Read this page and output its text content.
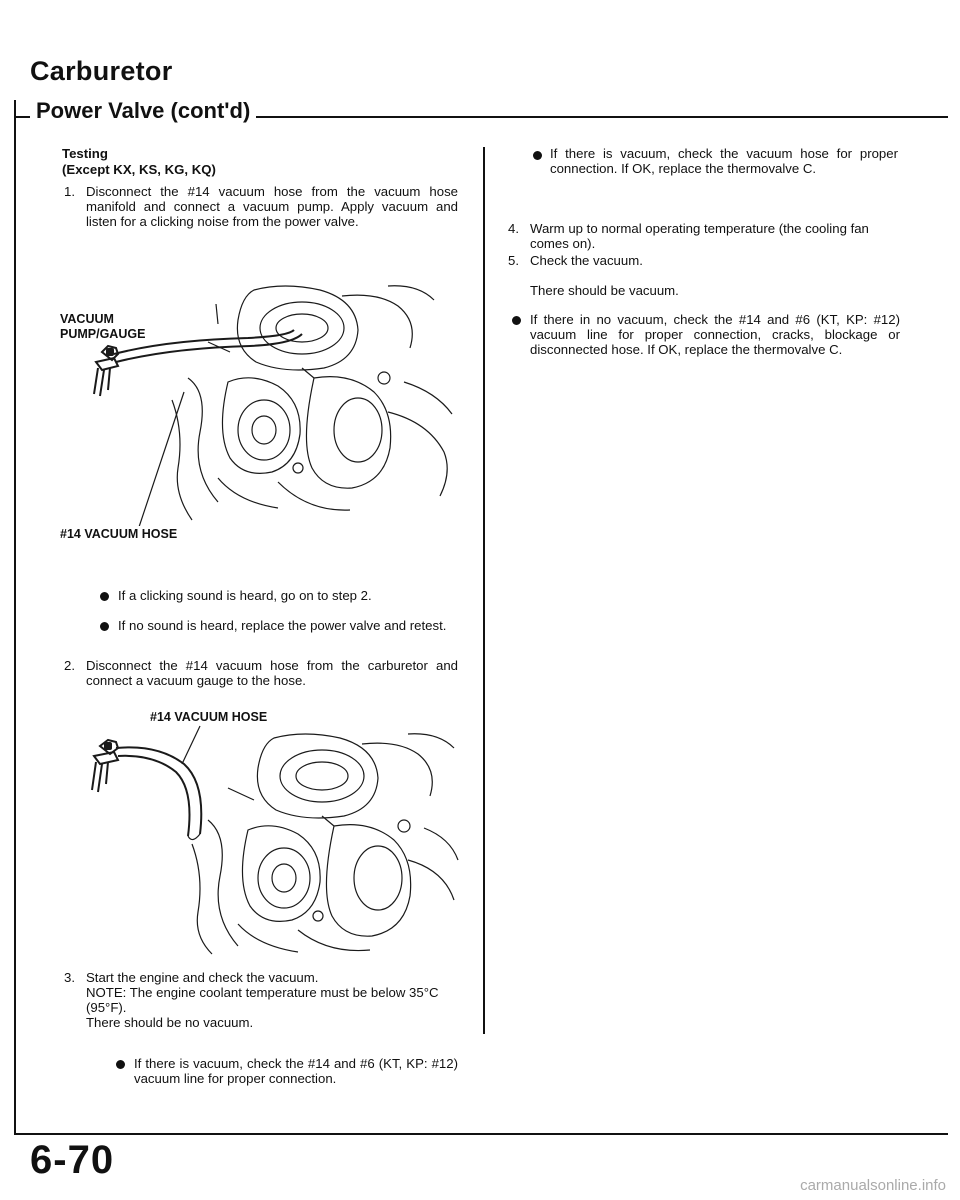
Carburetor
Power Valve (cont'd)
Testing
(Except KX, KS, KG, KQ)
1. Disconnect the #14 vacuum hose from the vacuum hose manifold and connect a vacuum pump. Apply vacuum and listen for a clicking noise from the power valve.
VACUUM PUMP/GAUGE
#14 VACUUM HOSE
If a clicking sound is heard, go on to step 2.
If no sound is heard, replace the power valve and retest.
2. Disconnect the #14 vacuum hose from the carburetor and connect a vacuum gauge to the hose.
#14 VACUUM HOSE
3. Start the engine and check the vacuum.
NOTE: The engine coolant temperature must be below 35°C (95°F).
There should be no vacuum.
If there is vacuum, check the #14 and #6 (KT, KP: #12) vacuum line for proper connection.
If there is vacuum, check the vacuum hose for proper connection. If OK, replace the thermovalve C.
4. Warm up to normal operating temperature (the cooling fan comes on).
5. Check the vacuum.
There should be vacuum.
If there in no vacuum, check the #14 and #6 (KT, KP: #12) vacuum line for proper connection, cracks, blockage or disconnected hose. If OK, replace the thermovalve C.
6-70
carmanualsonline.info
